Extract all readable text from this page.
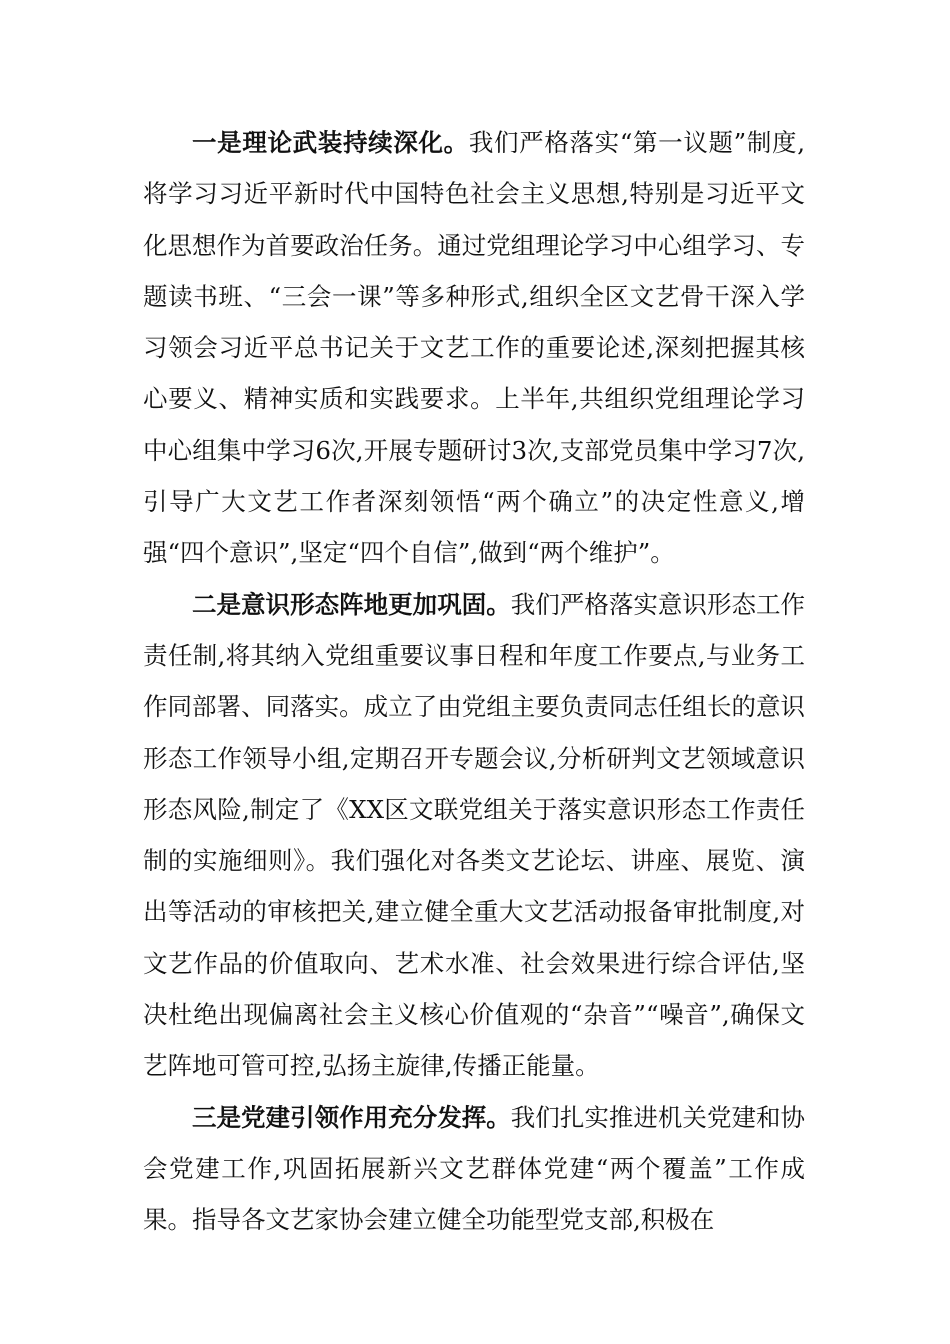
一是理论武装持续深化。我们严格落实“第一议题”制度,将学习习近平新时代中国特色社会主义思想,特别是习近平文化思想作为首要政治任务。通过党组理论学习中心组学习、专题读书班、“三会一课”等多种形式,组织全区文艺骨干深入学习领会习近平总书记关于文艺工作的重要论述,深刻把握其核心要义、精神实质和实践要求。上半年,共组织党组理论学习中心组集中学习6次,开展专题研讨3次,支部党员集中学习7次,引导广大文艺工作者深刻领悟“两个确立”的决定性意义,增强“四个意识”,坚定“四个自信”,做到“两个维护”。

二是意识形态阵地更加巩固。我们严格落实意识形态工作责任制,将其纳入党组重要议事日程和年度工作要点,与业务工作同部署、同落实。成立了由党组主要负责同志任组长的意识形态工作领导小组,定期召开专题会议,分析研判文艺领域意识形态风险,制定了《XX区文联党组关于落实意识形态工作责任制的实施细则》。我们强化对各类文艺论坛、讲座、展览、演出等活动的审核把关,建立健全重大文艺活动报备审批制度,对文艺作品的价值取向、艺术水准、社会效果进行综合评估,坚决杜绝出现偏离社会主义核心价值观的“杂音”“噪音”,确保文艺阵地可管可控,弘扬主旋律,传播正能量。

三是党建引领作用充分发挥。我们扎实推进机关党建和协会党建工作,巩固拓展新兴文艺群体党建“两个覆盖”工作成果。指导各文艺家协会建立健全功能型党支部,积极在
